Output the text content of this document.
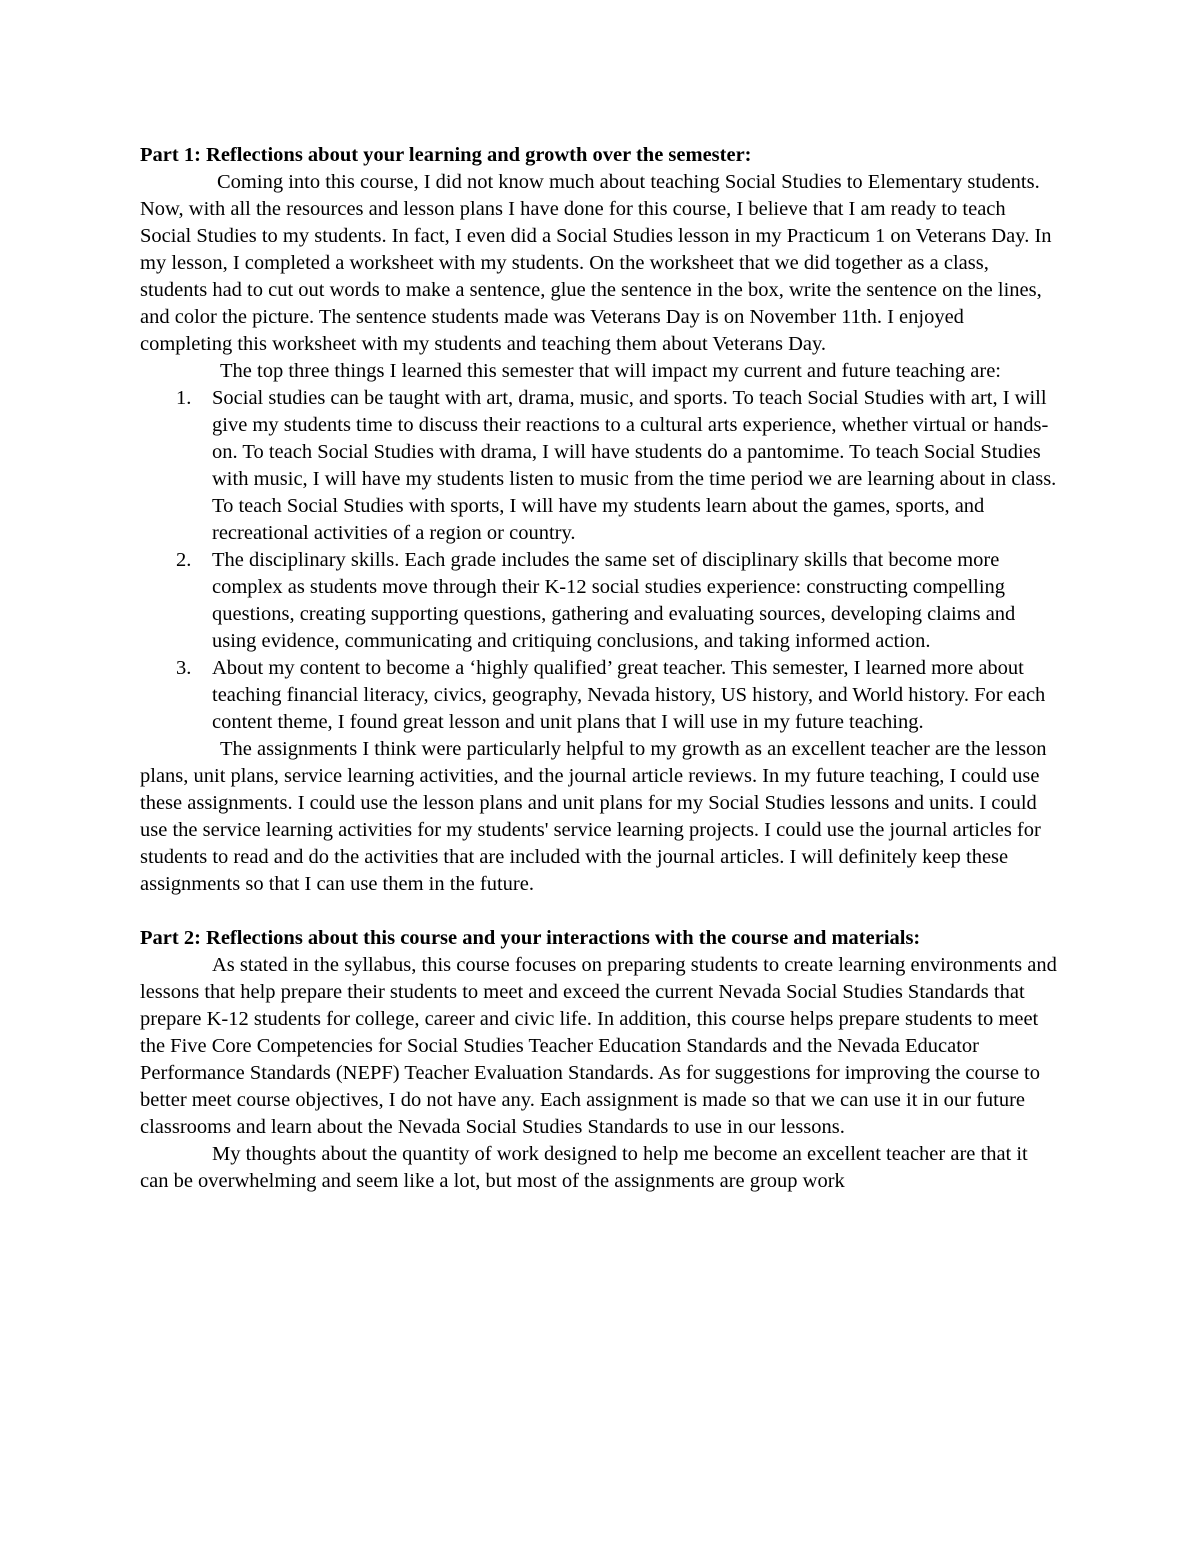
Part 1: Reflections about your learning and growth over the semester:

Coming into this course, I did not know much about teaching Social Studies to Elementary students. Now, with all the resources and lesson plans I have done for this course, I believe that I am ready to teach Social Studies to my students. In fact, I even did a Social Studies lesson in my Practicum 1 on Veterans Day. In my lesson, I completed a worksheet with my students. On the worksheet that we did together as a class, students had to cut out words to make a sentence, glue the sentence in the box, write the sentence on the lines, and color the picture. The sentence students made was Veterans Day is on November 11th. I enjoyed completing this worksheet with my students and teaching them about Veterans Day.

The top three things I learned this semester that will impact my current and future teaching are:

1. Social studies can be taught with art, drama, music, and sports. To teach Social Studies with art, I will give my students time to discuss their reactions to a cultural arts experience, whether virtual or hands-on. To teach Social Studies with drama, I will have students do a pantomime. To teach Social Studies with music, I will have my students listen to music from the time period we are learning about in class. To teach Social Studies with sports, I will have my students learn about the games, sports, and recreational activities of a region or country.
2. The disciplinary skills. Each grade includes the same set of disciplinary skills that become more complex as students move through their K-12 social studies experience: constructing compelling questions, creating supporting questions, gathering and evaluating sources, developing claims and using evidence, communicating and critiquing conclusions, and taking informed action.
3. About my content to become a ‘highly qualified’ great teacher. This semester, I learned more about teaching financial literacy, civics, geography, Nevada history, US history, and World history. For each content theme, I found great lesson and unit plans that I will use in my future teaching.

The assignments I think were particularly helpful to my growth as an excellent teacher are the lesson plans, unit plans, service learning activities, and the journal article reviews. In my future teaching, I could use these assignments. I could use the lesson plans and unit plans for my Social Studies lessons and units. I could use the service learning activities for my students' service learning projects. I could use the journal articles for students to read and do the activities that are included with the journal articles. I will definitely keep these assignments so that I can use them in the future.

Part 2: Reflections about this course and your interactions with the course and materials:

As stated in the syllabus, this course focuses on preparing students to create learning environments and lessons that help prepare their students to meet and exceed the current Nevada Social Studies Standards that prepare K-12 students for college, career and civic life. In addition, this course helps prepare students to meet the Five Core Competencies for Social Studies Teacher Education Standards and the Nevada Educator Performance Standards (NEPF) Teacher Evaluation Standards. As for suggestions for improving the course to better meet course objectives, I do not have any. Each assignment is made so that we can use it in our future classrooms and learn about the Nevada Social Studies Standards to use in our lessons.

My thoughts about the quantity of work designed to help me become an excellent teacher are that it can be overwhelming and seem like a lot, but most of the assignments are group work
